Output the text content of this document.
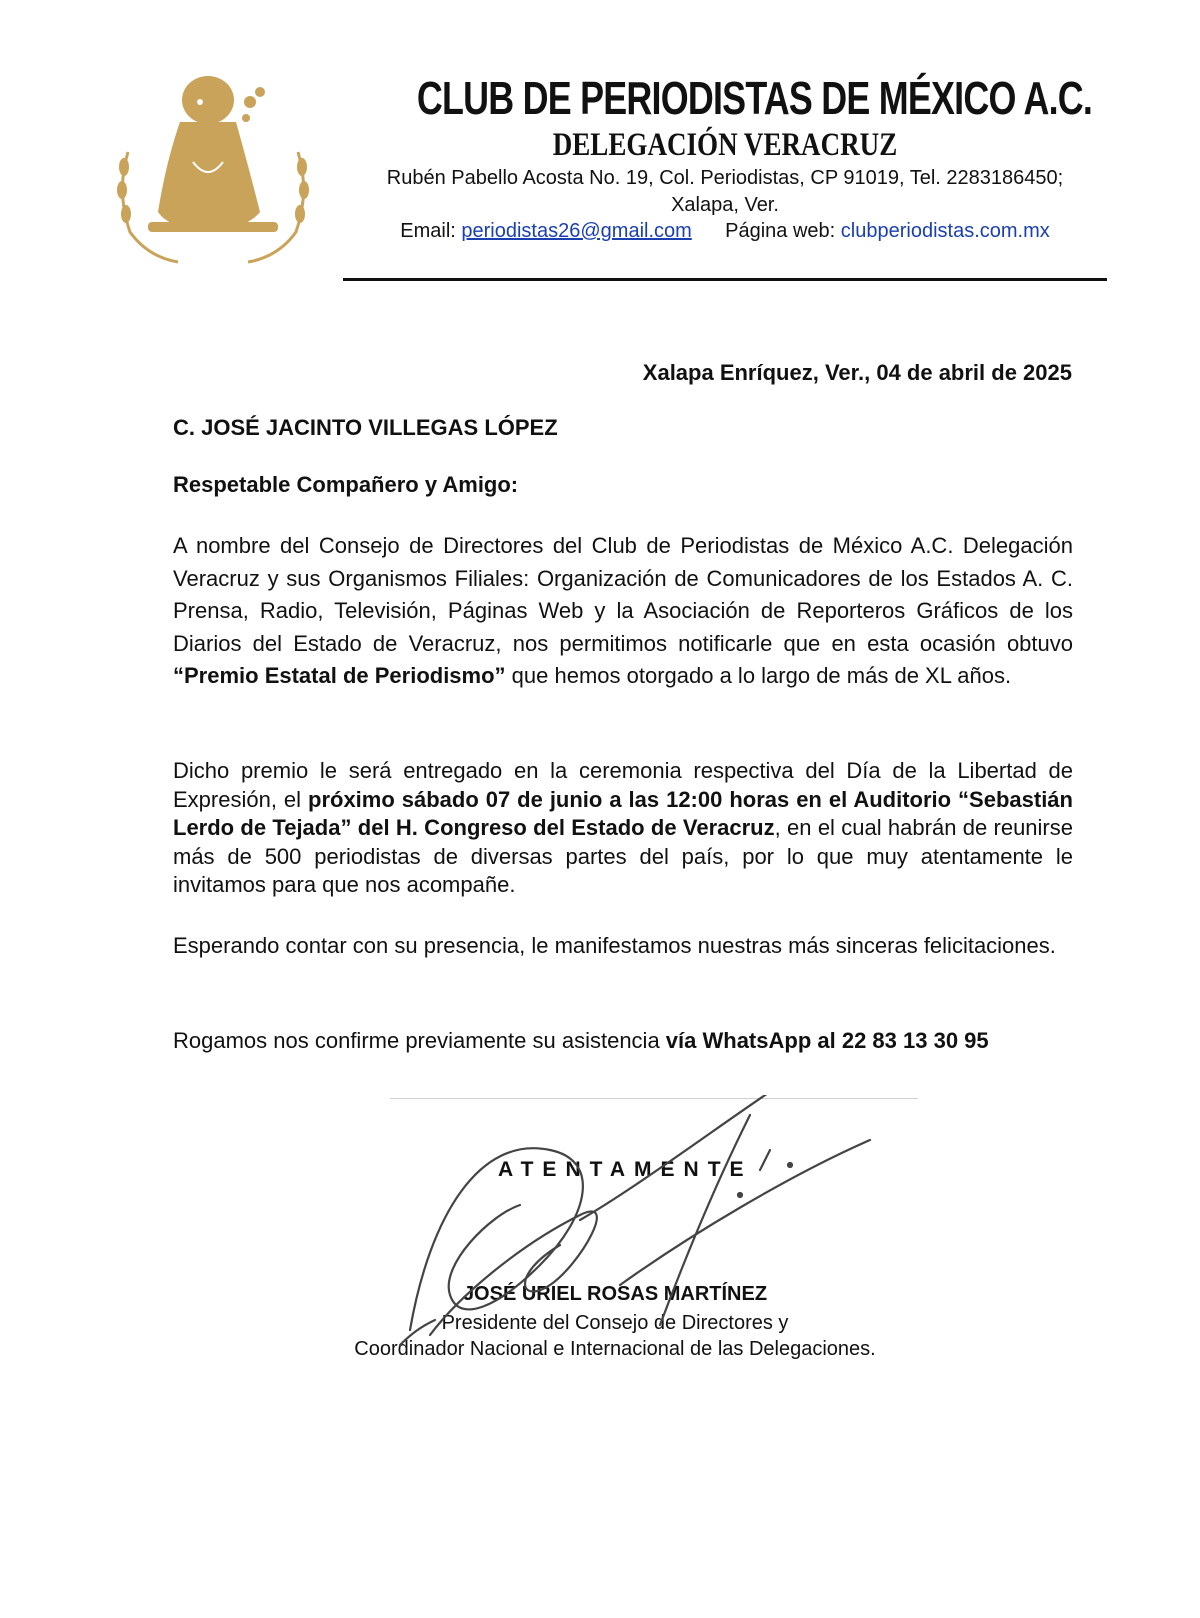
CLUB DE PERIODISTAS DE MÉXICO A.C.

DELEGACIÓN VERACRUZ

Rubén Pabello Acosta No. 19, Col. Periodistas, CP 91019, Tel. 2283186450;
Xalapa, Ver.
Email: periodistas26@gmail.com Página web: clubperiodistas.com.mx
Xalapa Enríquez, Ver., 04 de abril de 2025
C. JOSÉ JACINTO VILLEGAS LÓPEZ
Respetable Compañero y Amigo:
A nombre del Consejo de Directores del Club de Periodistas de México A.C. Delegación Veracruz y sus Organismos Filiales: Organización de Comunicadores de los Estados A. C. Prensa, Radio, Televisión, Páginas Web y la Asociación de Reporteros Gráficos de los Diarios del Estado de Veracruz, nos permitimos notificarle que en esta ocasión obtuvo “Premio Estatal de Periodismo” que hemos otorgado a lo largo de más de XL años.
Dicho premio le será entregado en la ceremonia respectiva del Día de la Libertad de Expresión, el próximo sábado 07 de junio a las 12:00 horas en el Auditorio “Sebastián Lerdo de Tejada” del H. Congreso del Estado de Veracruz, en el cual habrán de reunirse más de 500 periodistas de diversas partes del país, por lo que muy atentamente le invitamos para que nos acompañe.
Esperando contar con su presencia, le manifestamos nuestras más sinceras felicitaciones.
Rogamos nos confirme previamente su asistencia vía WhatsApp al 22 83 13 30 95
ATENTAMENTE
JOSÉ URIEL ROSAS MARTÍNEZ
Presidente del Consejo de Directores y
Coordinador Nacional e Internacional de las Delegaciones.
